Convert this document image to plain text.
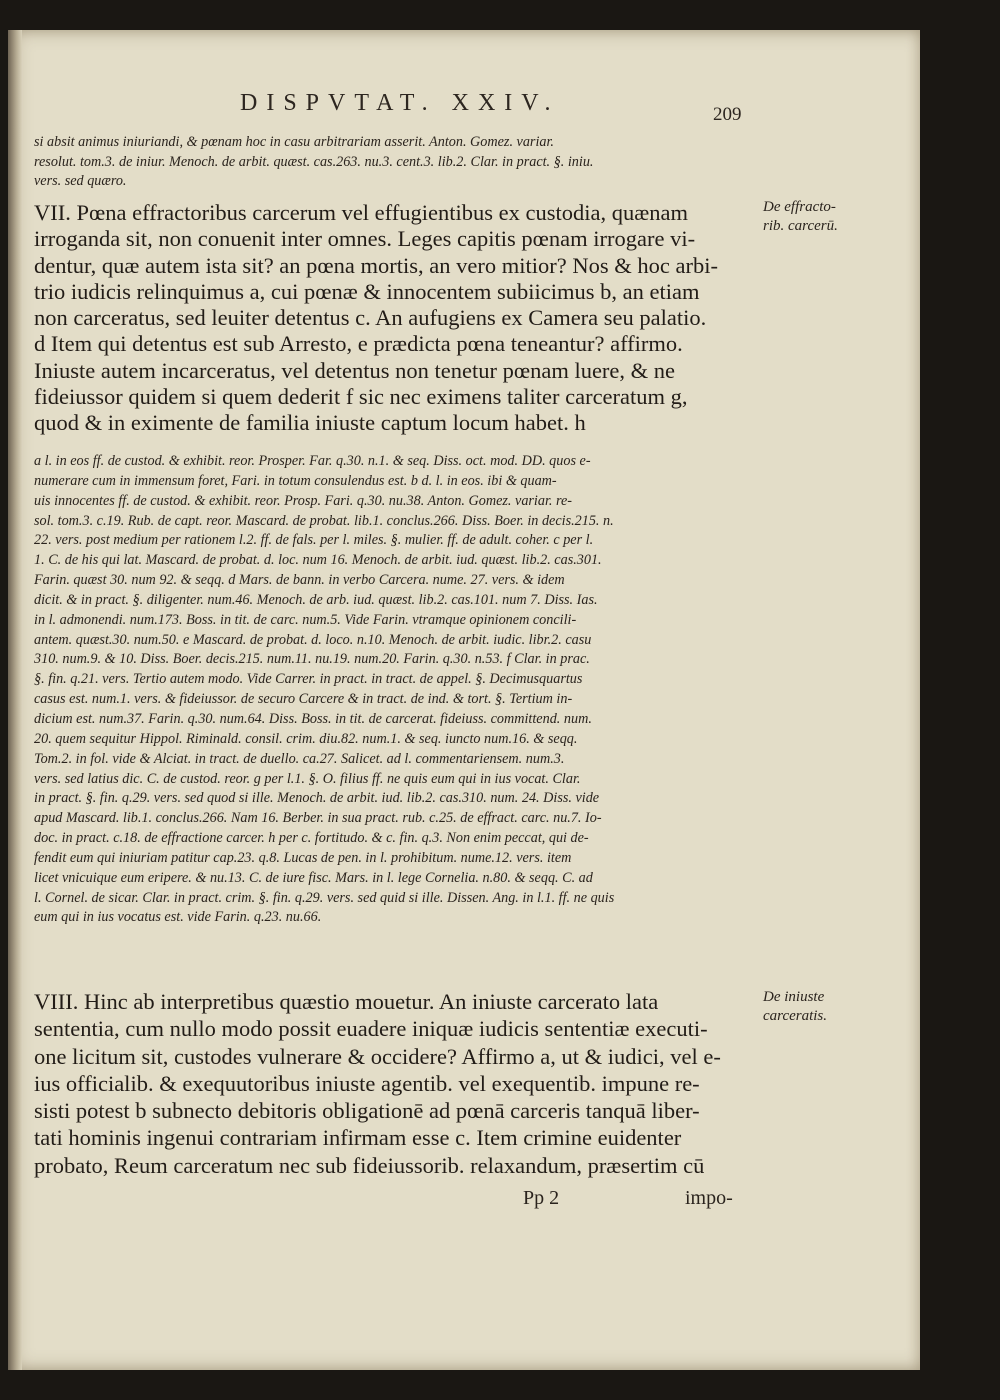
DISPVTAT. XXIV.	209
si absit animus iniuriandi, & pœnam hoc in casu arbitrariam asserit. Anton. Gomez. variar.
resolut. tom.3. de iniur. Menoch. de arbit. quæst. cas.263. nu.3. cent.3. lib.2. Clar. in pract. §. iniu.
vers. sed quæro.
VII. Pœna effractoribus carcerum vel effugientibus ex custodia, quænam
irroganda sit, non conuenit inter omnes. Leges capitis pœnam irrogare vi-
dentur, quæ autem ista sit? an pœna mortis, an vero mitior? Nos & hoc arbi-
trio iudicis relinquimus a, cui pœnæ & innocentem subiicimus b, an etiam
non carceratus, sed leuiter detentus c. An aufugiens ex Camera seu palatio.
d Item qui detentus est sub Arresto, e prædicta pœna teneantur? affirmo.
Iniuste autem incarceratus, vel detentus non tenetur pœnam luere, & ne
fideiussor quidem si quem dederit f sic nec eximens taliter carceratum g,
quod & in eximente de familia iniuste captum locum habet. h
a l. in eos ff. de custod. & exhibit. reor. Prosper. Far. q.30. n.1. & seq. Diss. oct. mod. DD. quos e-
numerare cum in immensum foret, Fari. in totum consulendus est. b d. l. in eos. ibi & quam-
uis innocentes ff. de custod. & exhibit. reor. Prosp. Fari. q.30. nu.38. Anton. Gomez. variar. re-
sol. tom.3. c.19. Rub. de capt. reor. Mascard. de probat. lib.1. conclus.266. Diss. Boer. in decis.215. n.
22. vers. post medium per rationem l.2. ff. de fals. per l. miles. §. mulier. ff. de adult. coher. c per l.
1. C. de his qui lat. Mascard. de probat. d. loc. num 16. Menoch. de arbit. iud. quæst. lib.2. cas.301.
Farin. quæst 30. num 92. & seqq. d Mars. de bann. in verbo Carcera. nume. 27. vers. & idem
dicit. & in pract. §. diligenter. num.46. Menoch. de arb. iud. quæst. lib.2. cas.101. num 7. Diss. Ias.
in l. admonendi. num.173. Boss. in tit. de carc. num.5. Vide Farin. vtramque opinionem concili-
antem. quæst.30. num.50. e Mascard. de probat. d. loco. n.10. Menoch. de arbit. iudic. libr.2. casu
310. num.9. & 10. Diss. Boer. decis.215. num.11. nu.19. num.20. Farin. q.30. n.53. f Clar. in prac.
§. fin. q.21. vers. Tertio autem modo. Vide Carrer. in pract. in tract. de appel. §. Decimusquartus
casus est. num.1. vers. & fideiussor. de securo Carcere & in tract. de ind. & tort. §. Tertium in-
dicium est. num.37. Farin. q.30. num.64. Diss. Boss. in tit. de carcerat. fideiuss. committend. num.
20. quem sequitur Hippol. Riminald. consil. crim. diu.82. num.1. & seq. iuncto num.16. & seqq.
Tom.2. in fol. vide & Alciat. in tract. de duello. ca.27. Salicet. ad l. commentariensem. num.3.
vers. sed latius dic. C. de custod. reor. g per l.1. §. O. filius ff. ne quis eum qui in ius vocat. Clar.
in pract. §. fin. q.29. vers. sed quod si ille. Menoch. de arbit. iud. lib.2. cas.310. num. 24. Diss. vide
apud Mascard. lib.1. conclus.266. Nam 16. Berber. in sua pract. rub. c.25. de effract. carc. nu.7. Io-
doc. in pract. c.18. de effractione carcer. h per c. fortitudo. & c. fin. q.3. Non enim peccat, qui de-
fendit eum qui iniuriam patitur cap.23. q.8. Lucas de pen. in l. prohibitum. nume.12. vers. item
licet vnicuique eum eripere. & nu.13. C. de iure fisc. Mars. in l. lege Cornelia. n.80. & seqq. C. ad
l. Cornel. de sicar. Clar. in pract. crim. §. fin. q.29. vers. sed quid si ille. Dissen. Ang. in l.1. ff. ne quis
eum qui in ius vocatus est. vide Farin. q.23. nu.66.
VIII. Hinc ab interpretibus quæstio mouetur. An iniuste carcerato lata
sententia, cum nullo modo possit euadere iniquæ iudicis sententiæ executi-
one licitum sit, custodes vulnerare & occidere? Affirmo a, ut & iudici, vel e-
ius officialib. & exequutoribus iniuste agentib. vel exequentib. impune re-
sisti potest b subnecto debitoris obligationē ad pœnā carceris tanquā liber-
tati hominis ingenui contrariam infirmam esse c. Item crimine euidenter
probato, Reum carceratum nec sub fideiussorib. relaxandum, præsertim cū
De effracto-
rib. carcerū.
De iniuste
carceratis.
Pp 2	impo-
